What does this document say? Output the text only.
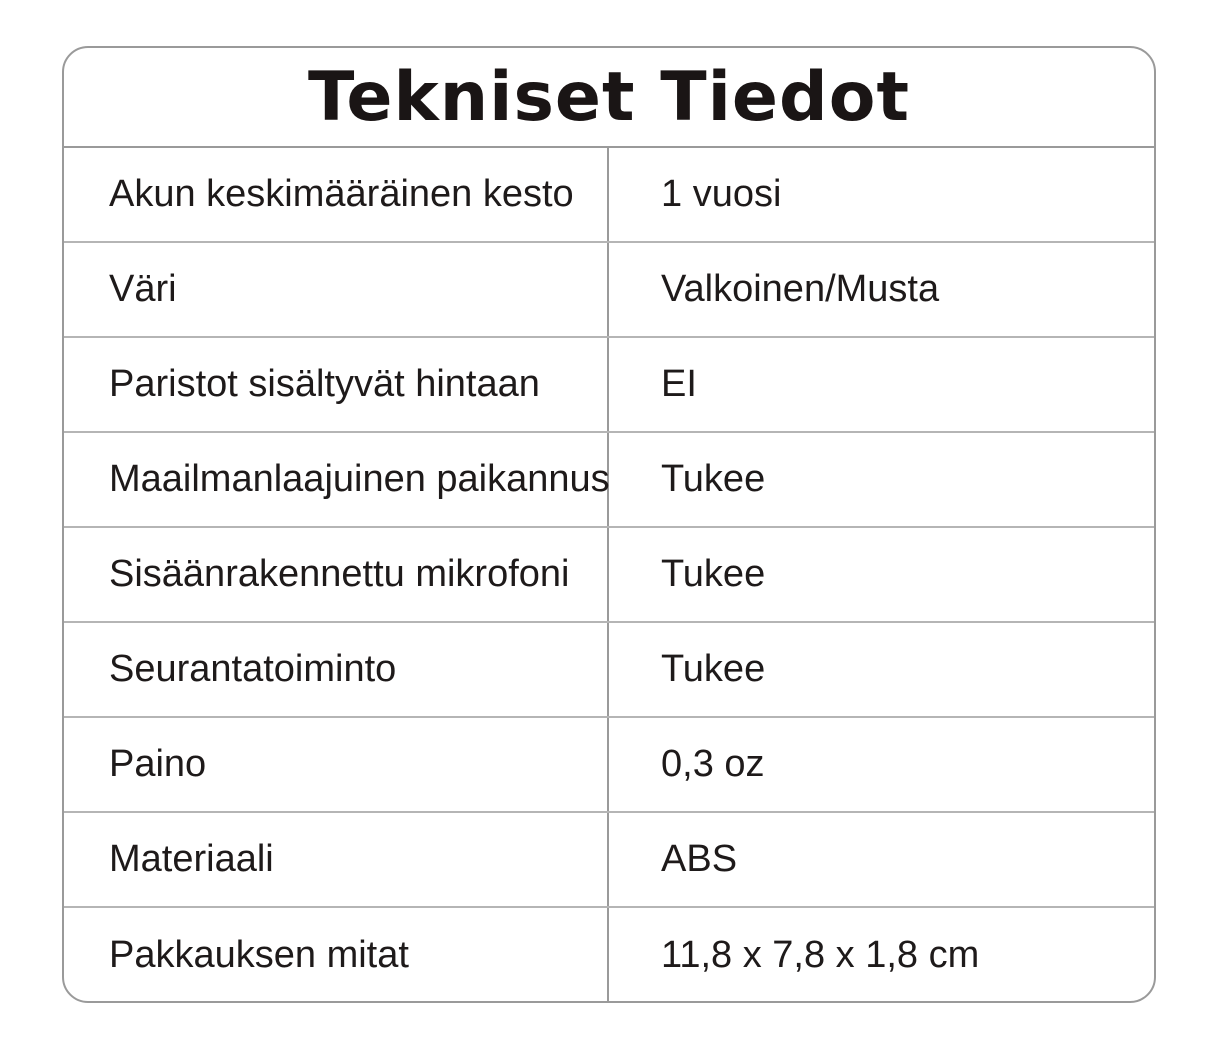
Tekniset Tiedot
Akun keskimääräinen kesto	1 vuosi
Väri	Valkoinen/Musta
Paristot sisältyvät hintaan	EI
Maailmanlaajuinen paikannus	Tukee
Sisäänrakennettu mikrofoni	Tukee
Seurantatoiminto	Tukee
Paino	0,3 oz
Materiaali	ABS
Pakkauksen mitat	11,8 x 7,8 x 1,8 cm
